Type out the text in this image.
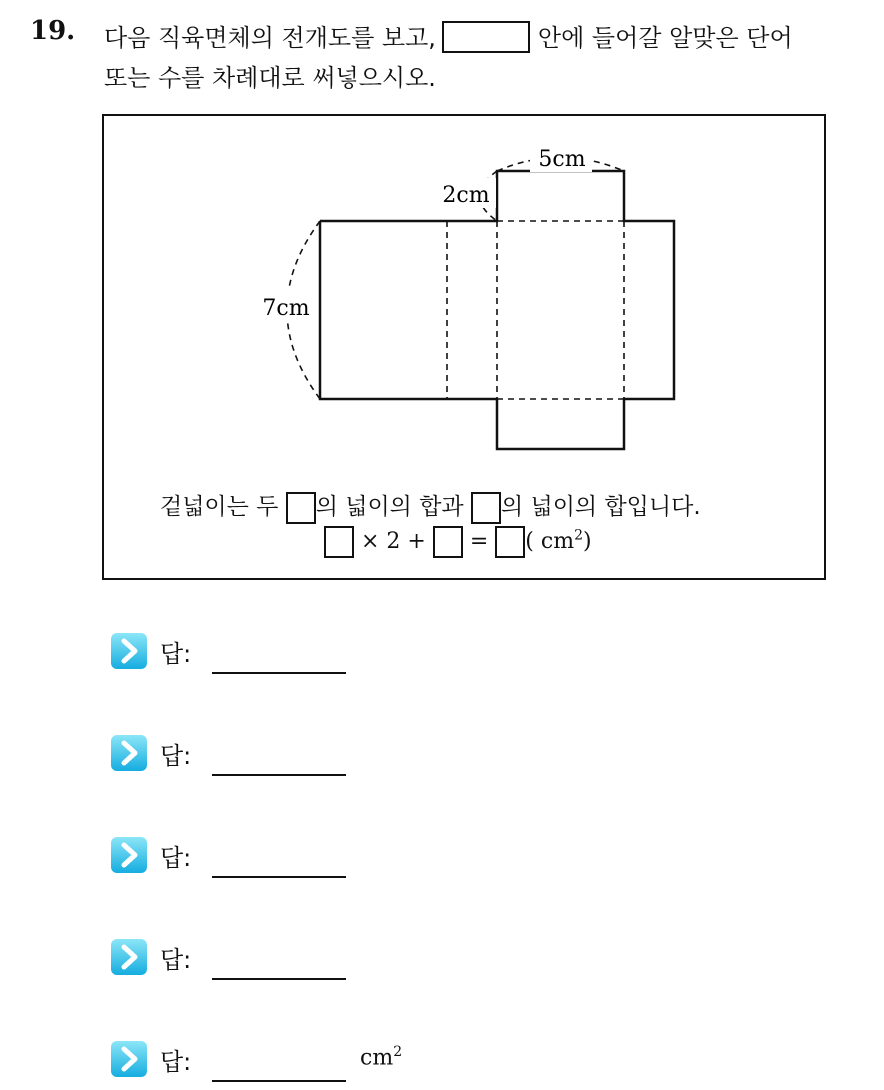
19. 다음 직육면체의 전개도를 보고,	안에 들어갈 알맞은 단어
또는 수를 차례대로 써넣으시오.
7cm
5cm
2cm
겉넓이는 두 의 넓이의 합과 의 넓이의 합입니다.
× 2 + = ( $cm^2$)
답:
답:
답:
답:
답:	$cm^2$
